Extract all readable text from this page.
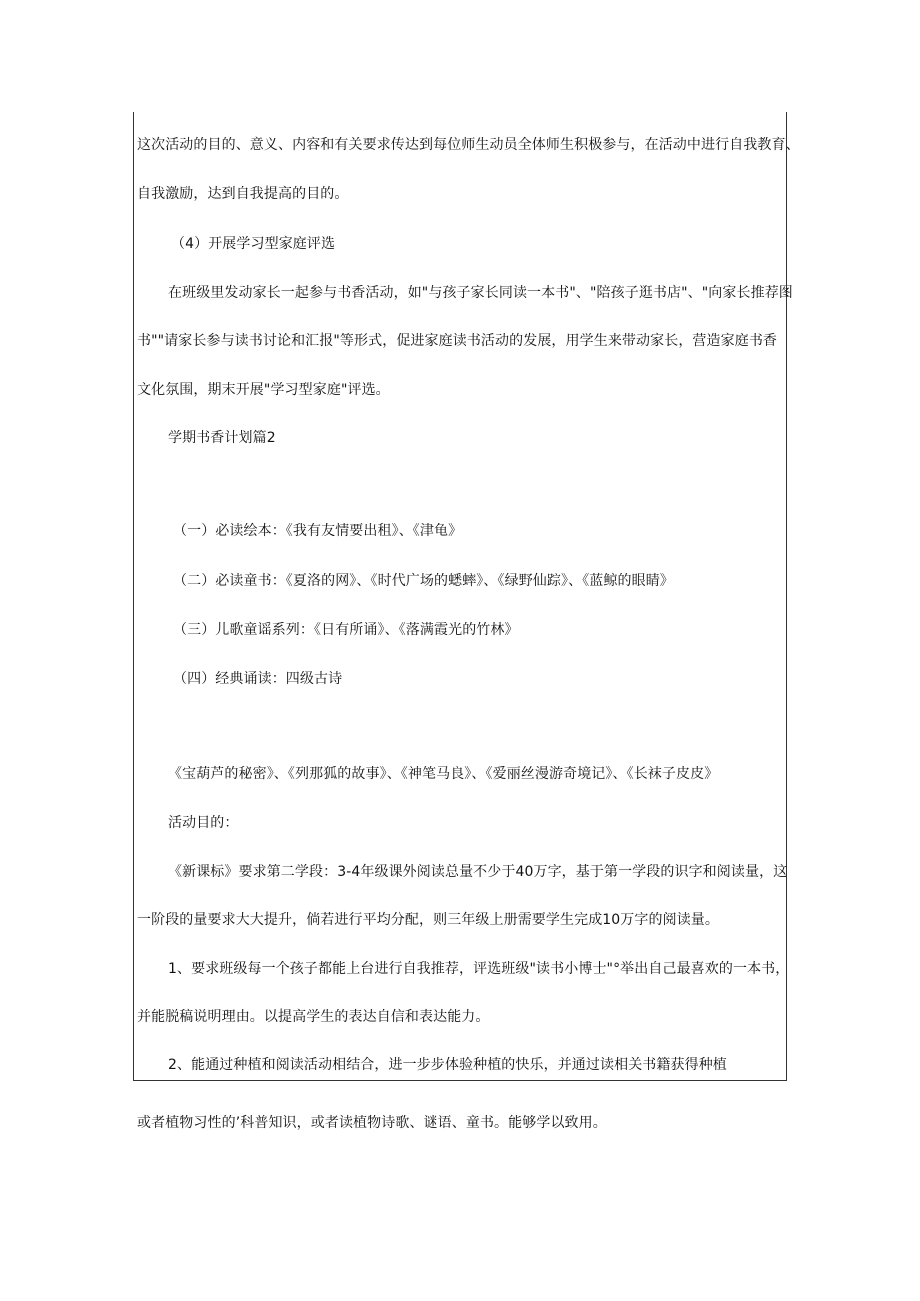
这次活动的目的、意义、内容和有关要求传达到每位师生动员全体师生积极参与，在活动中进行自我教育、
自我激励，达到自我提高的目的。
（4）开展学习型家庭评选
在班级里发动家长一起参与书香活动，如"与孩子家长同读一本书"、"陪孩子逛书店"、"向家长推荐图
书""请家长参与读书讨论和汇报"等形式，促进家庭读书活动的发展，用学生来带动家长，营造家庭书香
文化氛围，期末开展"学习型家庭"评选。
学期书香计划篇2
（一）必读绘本：《我有友情要出租》、《津龟》
（二）必读童书：《夏洛的网》、《时代广场的蟋蟀》、《绿野仙踪》、《蓝鲸的眼睛》
（三）儿歌童谣系列：《日有所诵》、《落满霞光的竹林》
（四）经典诵读：四级古诗
《宝葫芦的秘密》、《列那狐的故事》、《神笔马良》、《爱丽丝漫游奇境记》、《长袜子皮皮》
活动目的：
《新课标》要求第二学段：3-4年级课外阅读总量不少于40万字，基于第一学段的识字和阅读量，这
一阶段的量要求大大提升，倘若进行平均分配，则三年级上册需要学生完成10万字的阅读量。
1、要求班级每一个孩子都能上台进行自我推荐，评选班级"读书小博士"°举出自己最喜欢的一本书，
并能脱稿说明理由。以提高学生的表达自信和表达能力。
2、能通过种植和阅读活动相结合，进一步步体验种植的快乐，并通过读相关书籍获得种植
或者植物习性的’科普知识，或者读植物诗歌、谜语、童书。能够学以致用。
